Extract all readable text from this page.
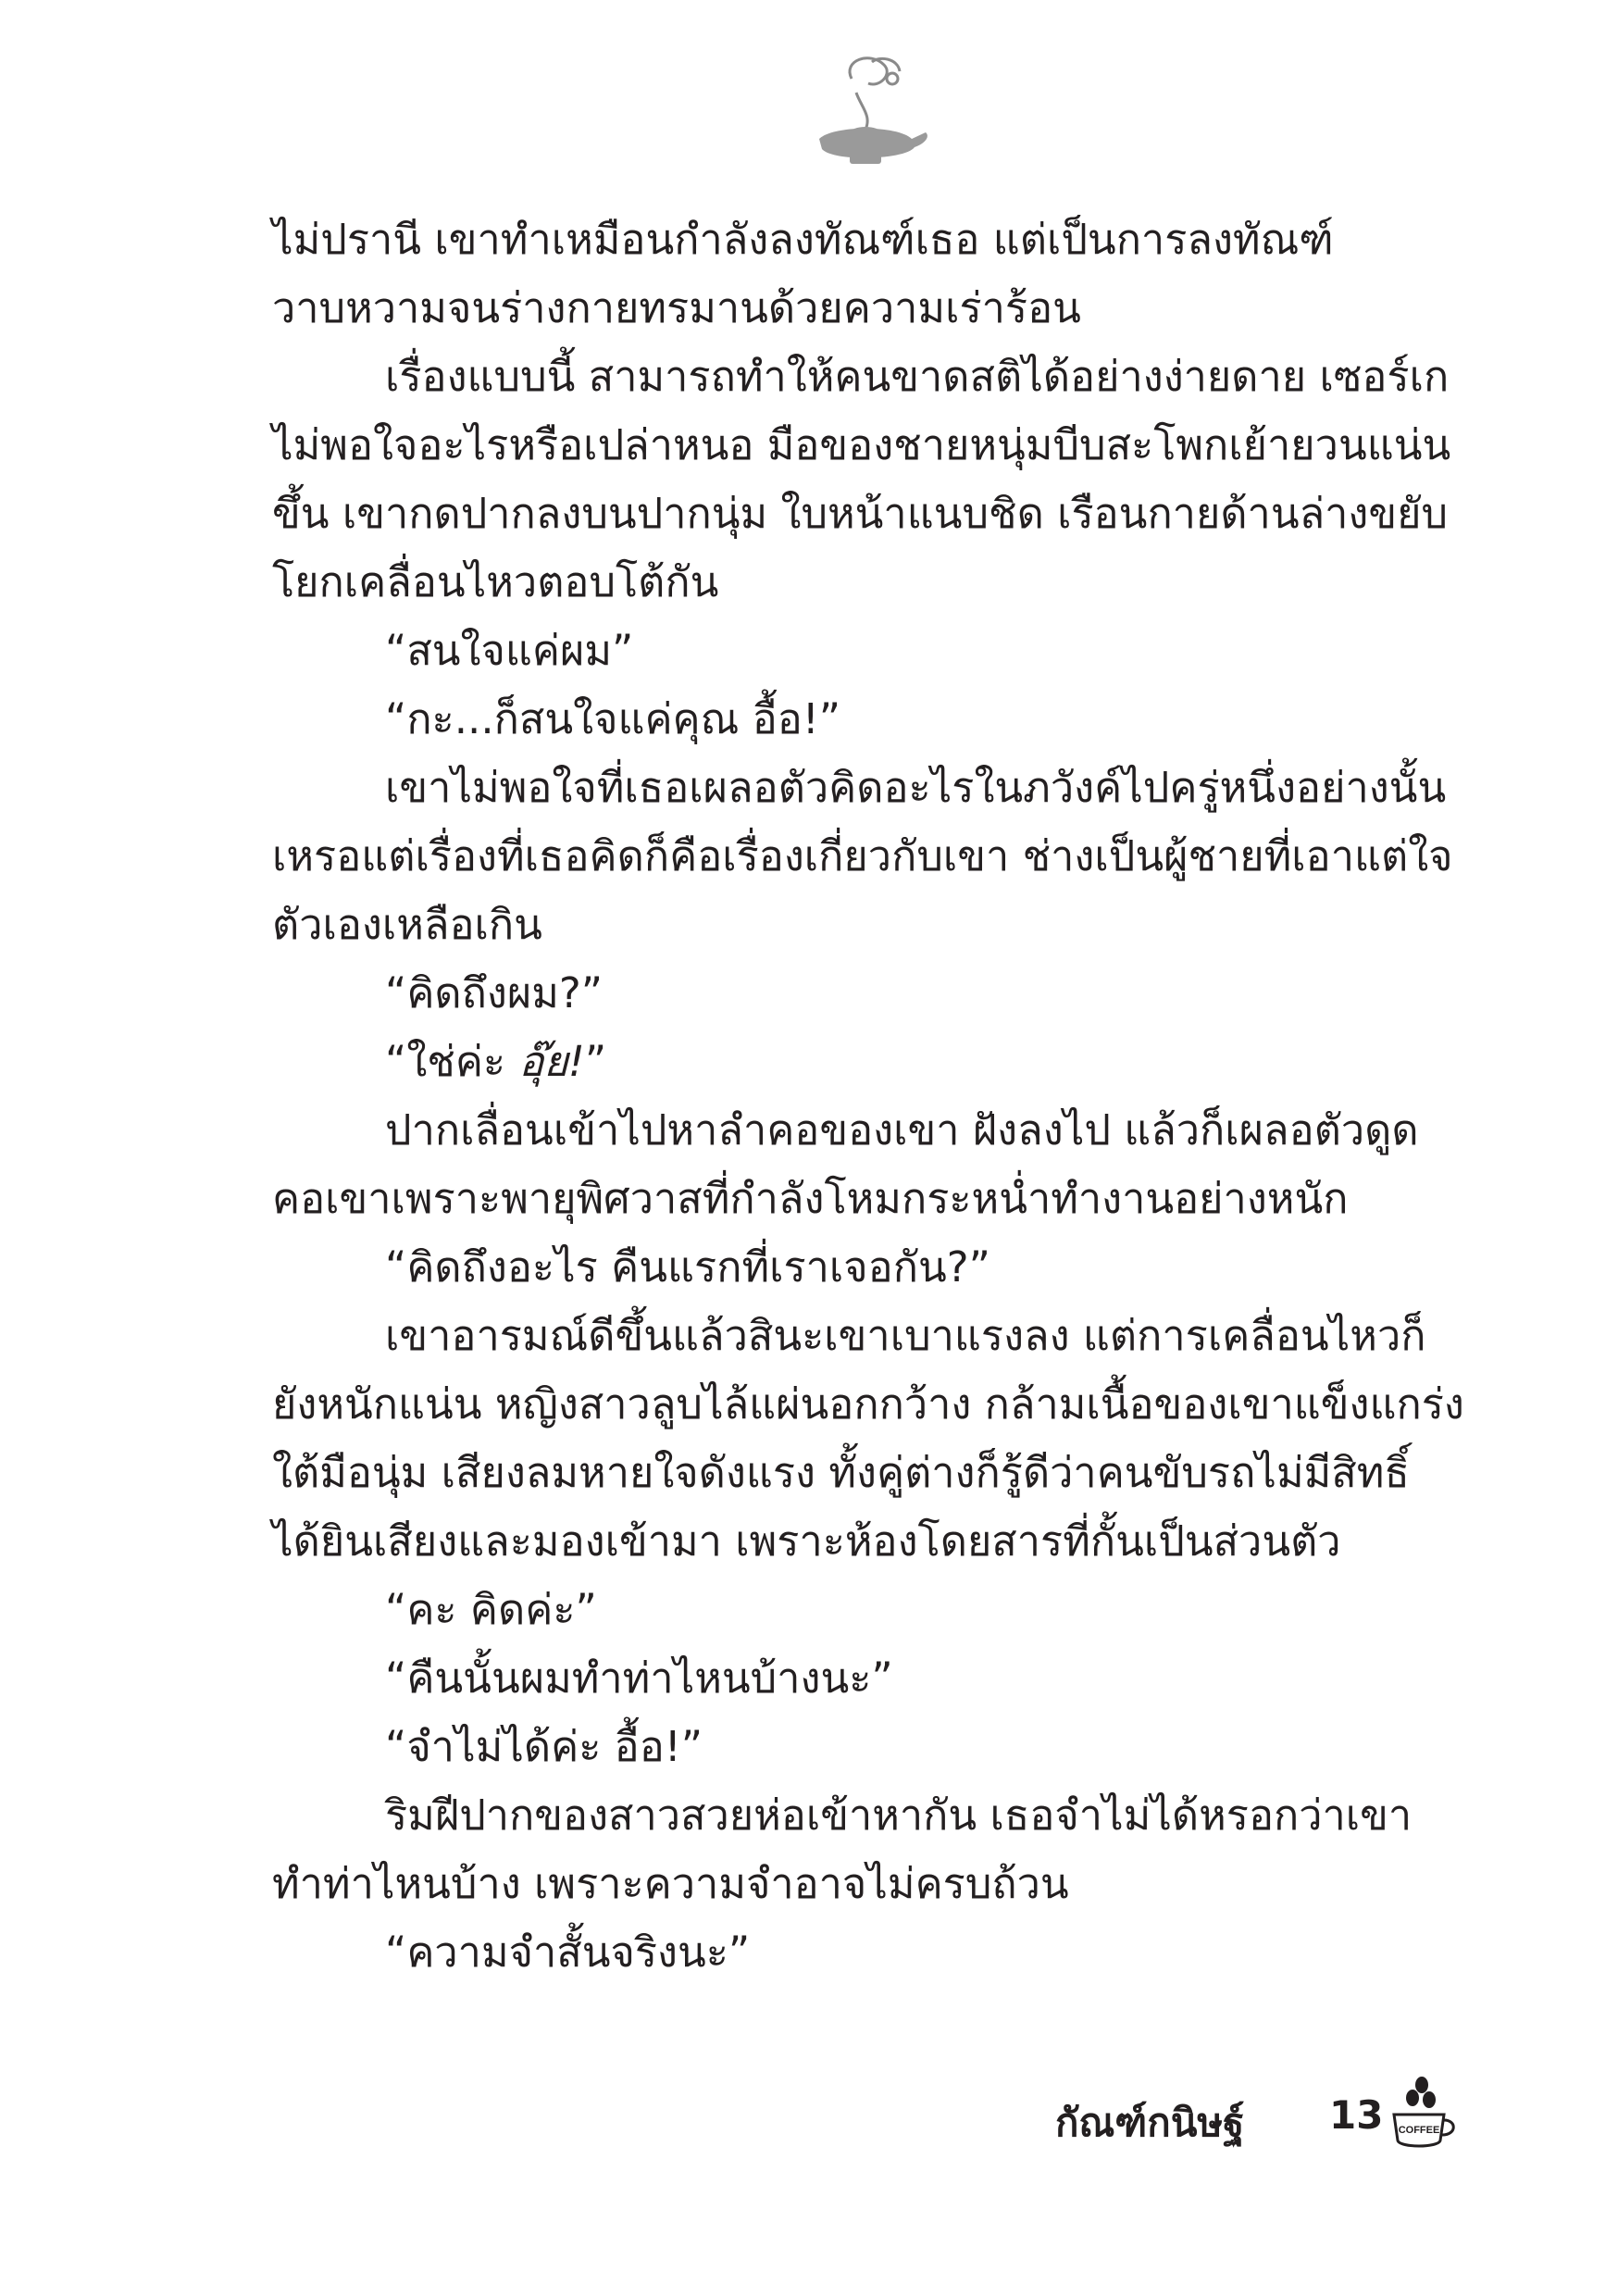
ไม่ปรานี เขาทำเหมือนกำลังลงทัณฑ์เธอ แต่เป็นการลงทัณฑ์วาบหวามจนร่างกายทรมานด้วยความเร่าร้อน

เรื่องแบบนี้ สามารถทำให้คนขาดสติได้อย่างง่ายดาย เซอร์เกไม่พอใจอะไรหรือเปล่าหนอ มือของชายหนุ่มบีบสะโพกเย้ายวนแน่นขึ้น เขากดปากลงบนปากนุ่ม ใบหน้าแนบชิด เรือนกายด้านล่างขยับโยกเคลื่อนไหวตอบโต้กัน

“สนใจแค่ผม”

“กะ...ก็สนใจแค่คุณ อื้อ!”

เขาไม่พอใจที่เธอเผลอตัวคิดอะไรในภวังค์ไปครู่หนึ่งอย่างนั้นเหรอแต่เรื่องที่เธอคิดก็คือเรื่องเกี่ยวกับเขา ช่างเป็นผู้ชายที่เอาแต่ใจตัวเองเหลือเกิน

“คิดถึงผม?”

“ใช่ค่ะ อุ๊ย!”

ปากเลื่อนเข้าไปหาลำคอของเขา ฝังลงไป แล้วก็เผลอตัวดูดคอเขาเพราะพายุพิศวาสที่กำลังโหมกระหน่ำทำงานอย่างหนัก

“คิดถึงอะไร คืนแรกที่เราเจอกัน?”

เขาอารมณ์ดีขึ้นแล้วสินะเขาเบาแรงลง แต่การเคลื่อนไหวก็ยังหนักแน่น หญิงสาวลูบไล้แผ่นอกกว้าง กล้ามเนื้อของเขาแข็งแกร่งใต้มือนุ่ม เสียงลมหายใจดังแรง ทั้งคู่ต่างก็รู้ดีว่าคนขับรถไม่มีสิทธิ์ได้ยินเสียงและมองเข้ามา เพราะห้องโดยสารที่กั้นเป็นส่วนตัว

“คะ คิดค่ะ”

“คืนนั้นผมทำท่าไหนบ้างนะ”

“จำไม่ได้ค่ะ อื้อ!”

ริมฝีปากของสาวสวยห่อเข้าหากัน เธอจำไม่ได้หรอกว่าเขาทำท่าไหนบ้าง เพราะความจำอาจไม่ครบถ้วน

“ความจำสั้นจริงนะ”

กัณฑ์กนิษฐ์ 13 COFFEE
